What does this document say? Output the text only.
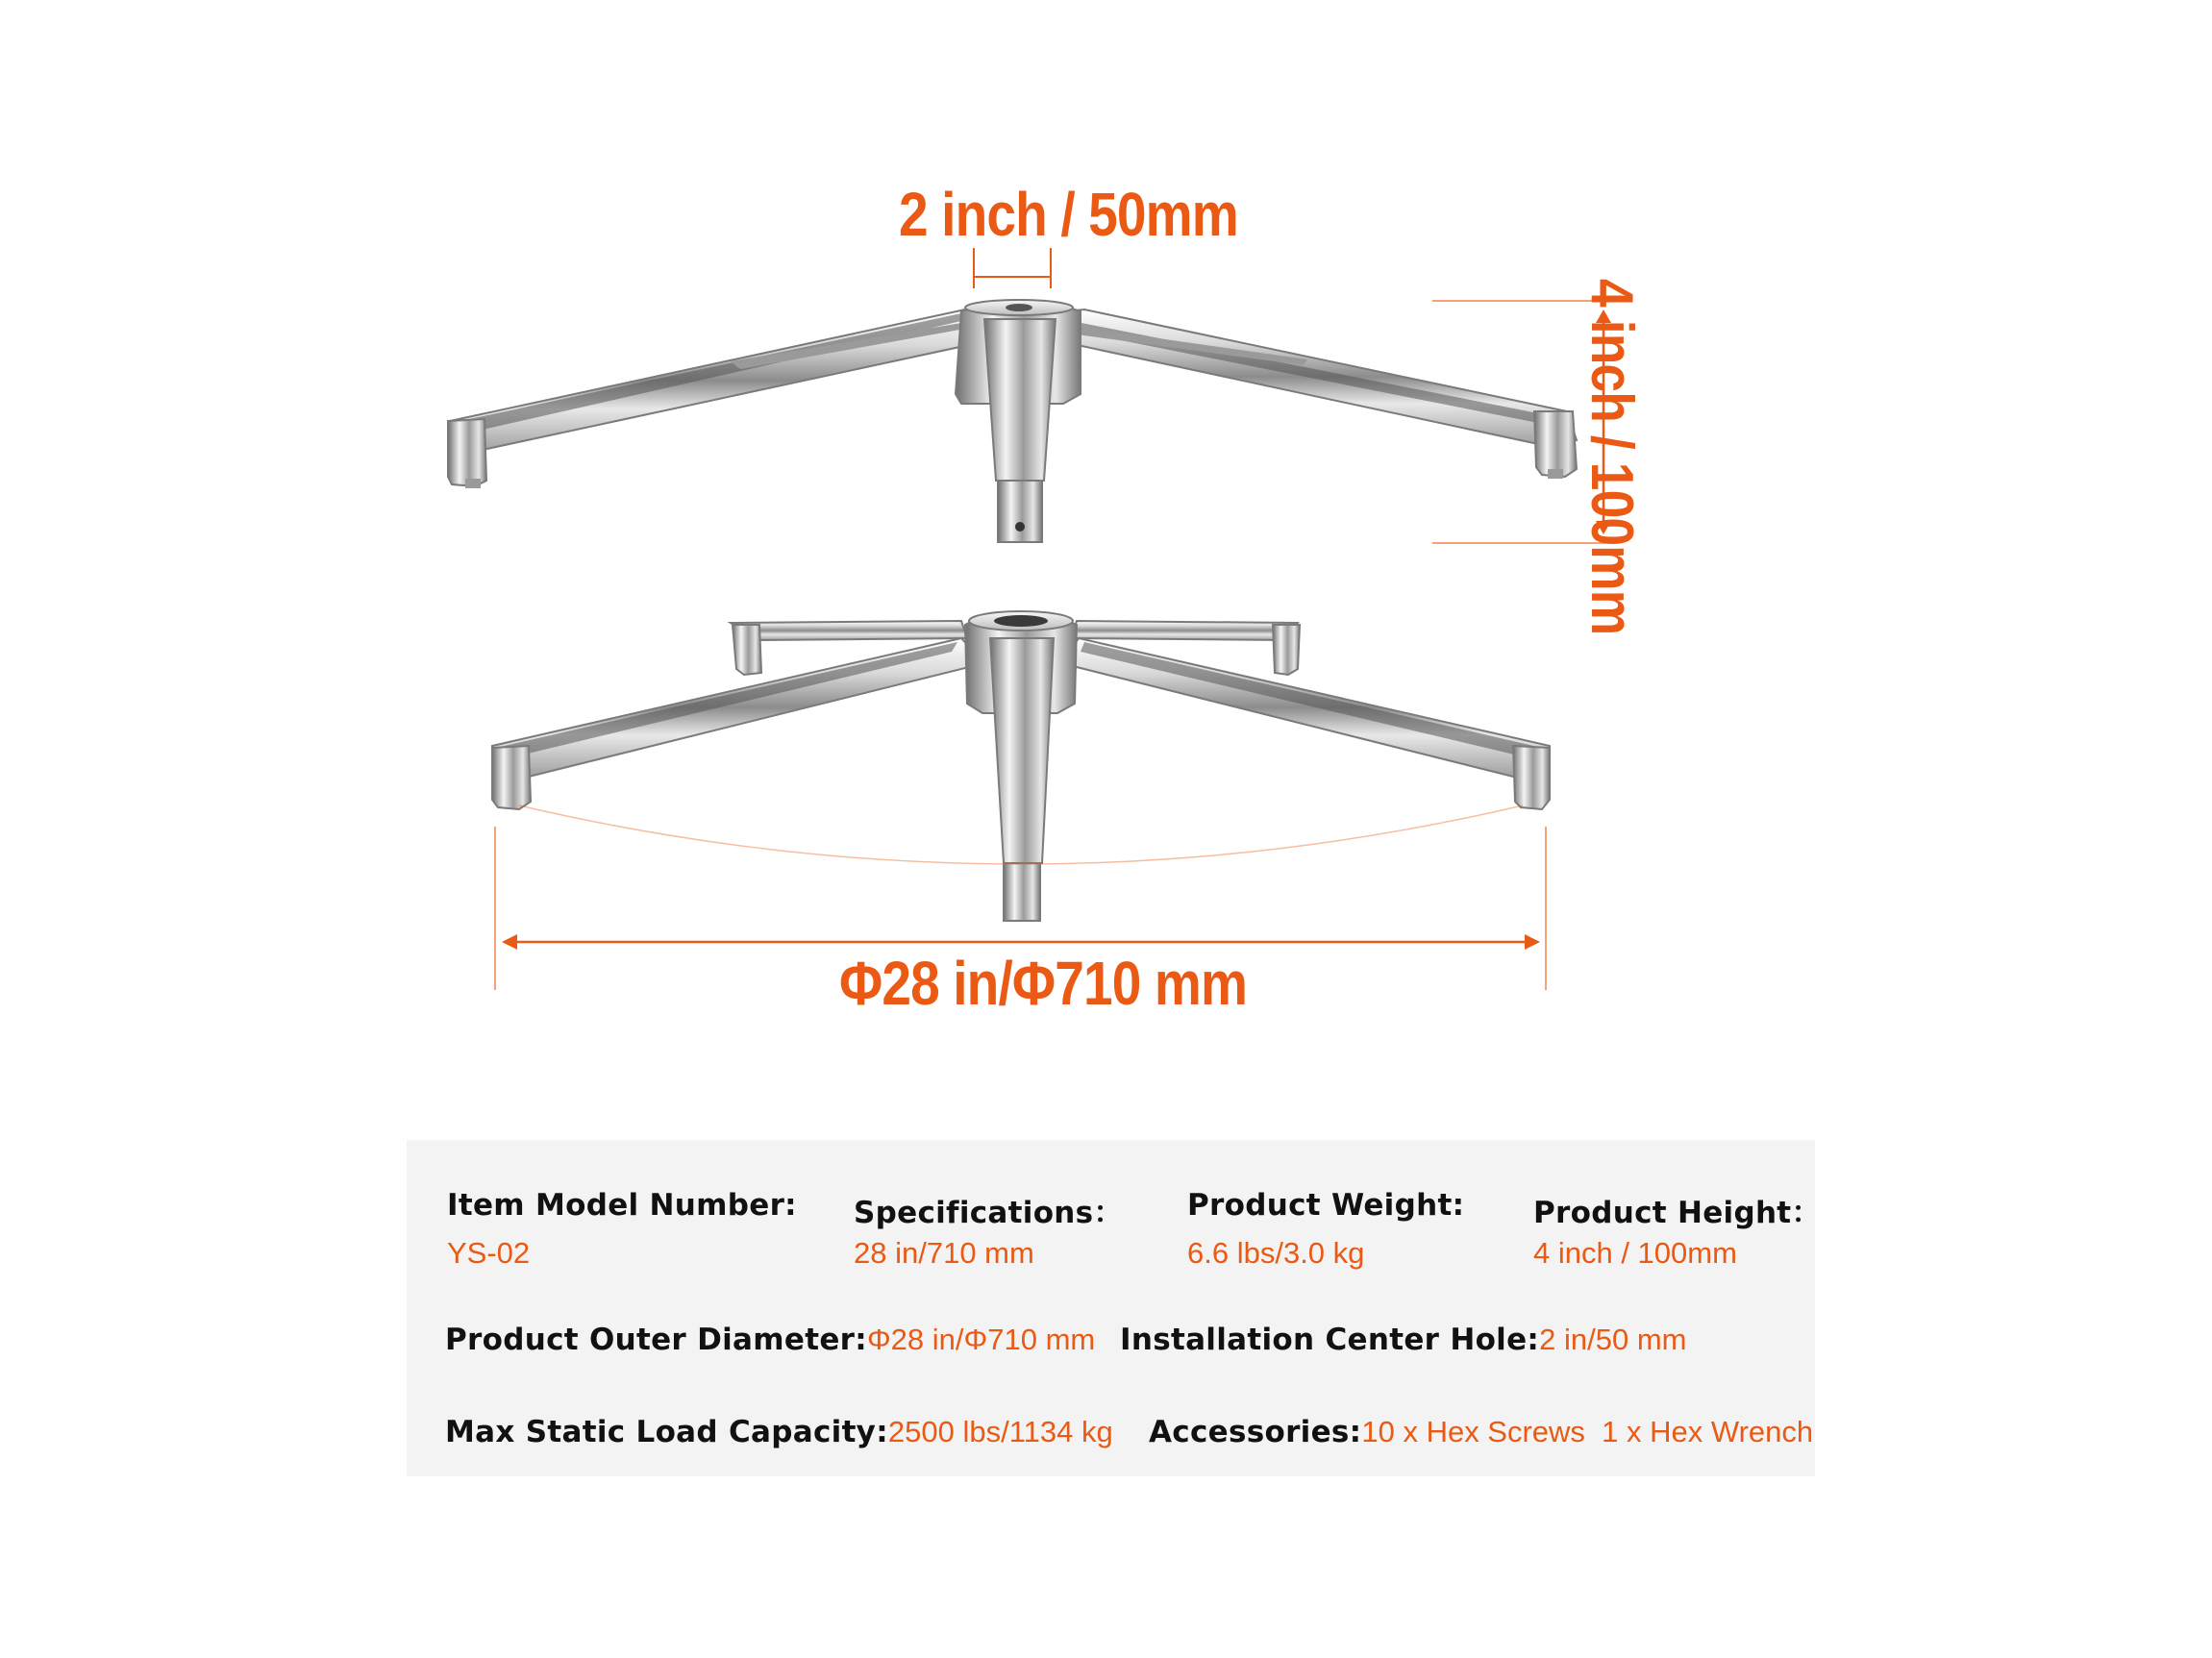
2 inch / 50mm
4 inch / 100mm
Φ28 in/Φ710 mm
Item Model Number:
YS-02
Specifications：
28 in/710 mm
Product Weight:
6.6 lbs/3.0 kg
Product Height：
4 inch / 100mm
Product Outer Diameter:Φ28 in/Φ710 mm Installation Center Hole:2 in/50 mm
Max Static Load Capacity:2500 lbs/1134 kg Accessories:10 x Hex Screws  1 x Hex Wrench
